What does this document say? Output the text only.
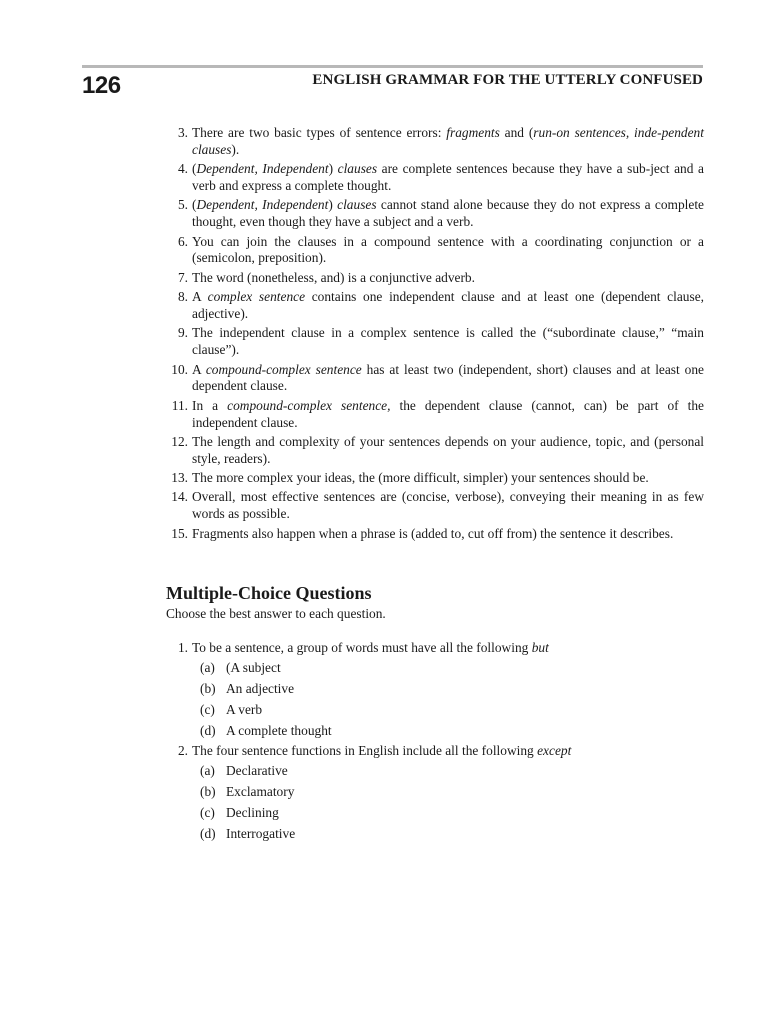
126	ENGLISH GRAMMAR FOR THE UTTERLY CONFUSED
3. There are two basic types of sentence errors: fragments and (run-on sentences, inde-pendent clauses).
4. (Dependent, Independent) clauses are complete sentences because they have a sub-ject and a verb and express a complete thought.
5. (Dependent, Independent) clauses cannot stand alone because they do not express a complete thought, even though they have a subject and a verb.
6. You can join the clauses in a compound sentence with a coordinating conjunction or a (semicolon, preposition).
7. The word (nonetheless, and) is a conjunctive adverb.
8. A complex sentence contains one independent clause and at least one (dependent clause, adjective).
9. The independent clause in a complex sentence is called the (“subordinate clause,” “main clause”).
10. A compound-complex sentence has at least two (independent, short) clauses and at least one dependent clause.
11. In a compound-complex sentence, the dependent clause (cannot, can) be part of the independent clause.
12. The length and complexity of your sentences depends on your audience, topic, and (personal style, readers).
13. The more complex your ideas, the (more difficult, simpler) your sentences should be.
14. Overall, most effective sentences are (concise, verbose), conveying their meaning in as few words as possible.
15. Fragments also happen when a phrase is (added to, cut off from) the sentence it describes.
Multiple-Choice Questions
Choose the best answer to each question.
1. To be a sentence, a group of words must have all the following but
(a) (A subject
(b) An adjective
(c) A verb
(d) A complete thought
2. The four sentence functions in English include all the following except
(a) Declarative
(b) Exclamatory
(c) Declining
(d) Interrogative
